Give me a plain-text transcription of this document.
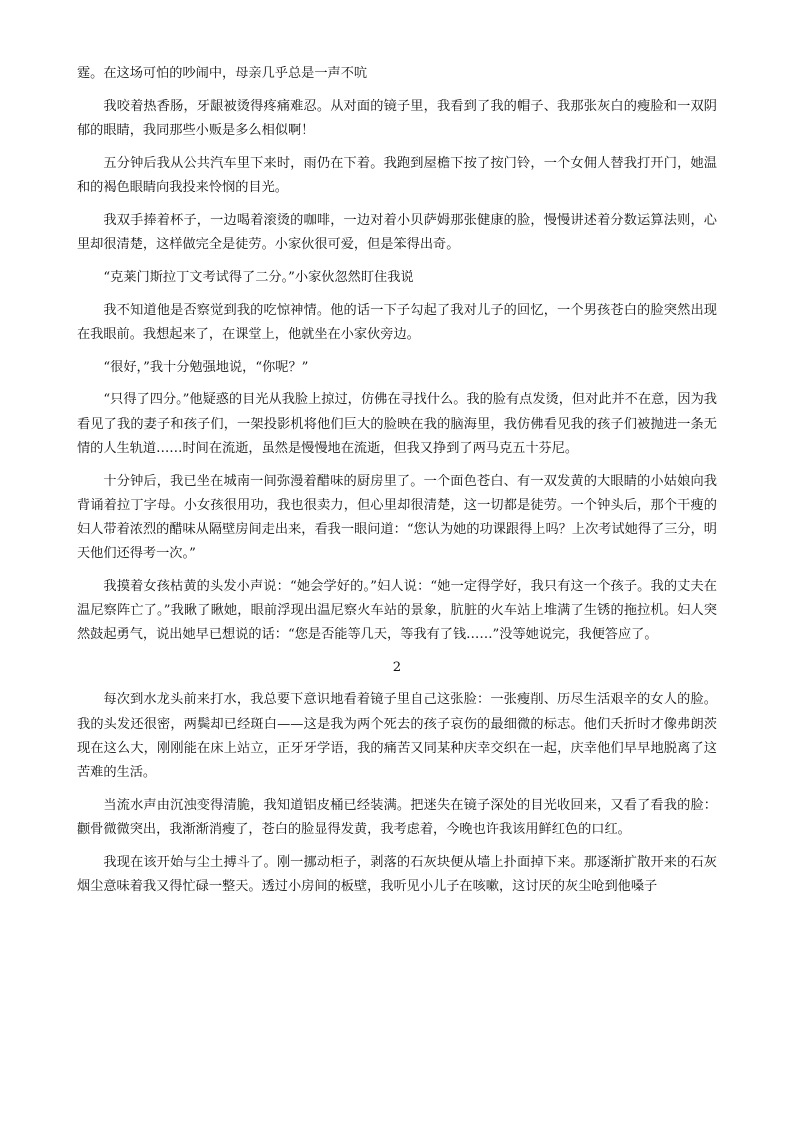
霆。在这场可怕的吵闹中，母亲几乎总是一声不吭

我咬着热香肠，牙龈被烫得疼痛难忍。从对面的镜子里，我看到了我的帽子、我那张灰白的瘦脸和一双阴郁的眼睛，我同那些小贩是多么相似啊！

五分钟后我从公共汽车里下来时，雨仍在下着。我跑到屋檐下按了按门铃，一个女佣人替我打开门，她温和的褐色眼睛向我投来怜悯的目光。

我双手捧着杯子，一边喝着滚烫的咖啡，一边对着小贝萨姆那张健康的脸，慢慢讲述着分数运算法则，心里却很清楚，这样做完全是徒劳。小家伙很可爱，但是笨得出奇。

“克莱门斯拉丁文考试得了二分。”小家伙忽然盯住我说

我不知道他是否察觉到我的吃惊神情。他的话一下子勾起了我对儿子的回忆，一个男孩苍白的脸突然出现在我眼前。我想起来了，在课堂上，他就坐在小家伙旁边。

“很好，”我十分勉强地说，“你呢？”

“只得了四分。”他疑惑的目光从我脸上掠过，仿佛在寻找什么。我的脸有点发烫，但对此并不在意，因为我看见了我的妻子和孩子们，一架投影机将他们巨大的脸映在我的脑海里，我仿佛看见我的孩子们被抛进一条无情的人生轨道……时间在流逝，虽然是慢慢地在流逝，但我又挣到了两马克五十芬尼。

十分钟后，我已坐在城南一间弥漫着醋味的厨房里了。一个面色苍白、有一双发黄的大眼睛的小姑娘向我背诵着拉丁字母。小女孩很用功，我也很卖力，但心里却很清楚，这一切都是徒劳。一个钟头后，那个干瘦的妇人带着浓烈的醋味从隔壁房间走出来，看我一眼问道：“您认为她的功课跟得上吗？上次考试她得了三分，明天他们还得考一次。”

我摸着女孩枯黄的头发小声说：“她会学好的。”妇人说：“她一定得学好，我只有这一个孩子。我的丈夫在温尼察阵亡了。”我瞅了瞅她，眼前浮现出温尼察火车站的景象，肮脏的火车站上堆满了生锈的拖拉机。妇人突然鼓起勇气，说出她早已想说的话：“您是否能等几天，等我有了钱……”没等她说完，我便答应了。

2

每次到水龙头前来打水，我总要下意识地看着镜子里自己这张脸：一张瘦削、历尽生活艰辛的女人的脸。我的头发还很密，两鬓却已经斑白——这是我为两个死去的孩子哀伤的最细微的标志。他们夭折时才像弗朗茨现在这么大，刚刚能在床上站立，正牙牙学语，我的痛苦又同某种庆幸交织在一起，庆幸他们早早地脱离了这苦难的生活。

当流水声由沉浊变得清脆，我知道铝皮桶已经装满。把迷失在镜子深处的目光收回来，又看了看我的脸：颧骨微微突出，我渐渐消瘦了，苍白的脸显得发黄，我考虑着，今晚也许我该用鲜红色的口红。

我现在该开始与尘土搏斗了。刚一挪动柜子，剥落的石灰块便从墙上扑面掉下来。那逐渐扩散开来的石灰烟尘意味着我又得忙碌一整天。透过小房间的板壁，我听见小儿子在咳嗽，这讨厌的灰尘呛到他嗓子
